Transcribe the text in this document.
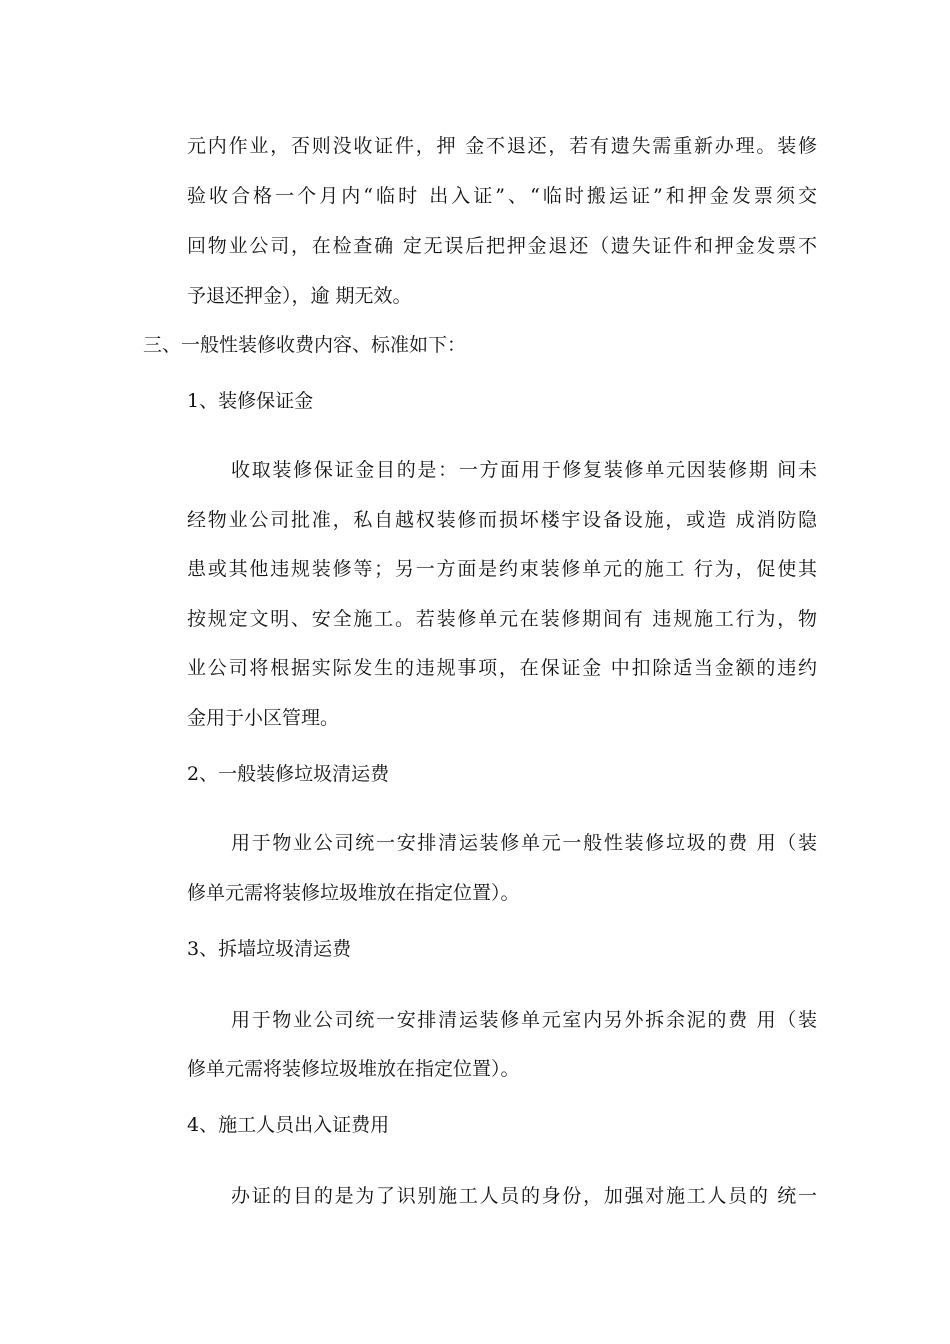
元内作业，否则没收证件，押 金不退还，若有遗失需重新办理。装修
验收合格一个月内“临时 出入证”、“临时搬运证”和押金发票须交
回物业公司，在检查确 定无误后把押金退还（遗失证件和押金发票不
予退还押金），逾 期无效。
三、一般性装修收费内容、标准如下：
1、装修保证金
收取装修保证金目的是：一方面用于修复装修单元因装修期 间未
经物业公司批准，私自越权装修而损坏楼宇设备设施，或造 成消防隐
患或其他违规装修等；另一方面是约束装修单元的施工 行为，促使其
按规定文明、安全施工。若装修单元在装修期间有 违规施工行为，物
业公司将根据实际发生的违规事项，在保证金 中扣除适当金额的违约
金用于小区管理。
2、一般装修垃圾清运费
用于物业公司统一安排清运装修单元一般性装修垃圾的费 用（装
修单元需将装修垃圾堆放在指定位置）。
3、拆墙垃圾清运费
用于物业公司统一安排清运装修单元室内另外拆余泥的费 用（装
修单元需将装修垃圾堆放在指定位置）。
4、施工人员出入证费用
办证的目的是为了识别施工人员的身份，加强对施工人员的 统一
